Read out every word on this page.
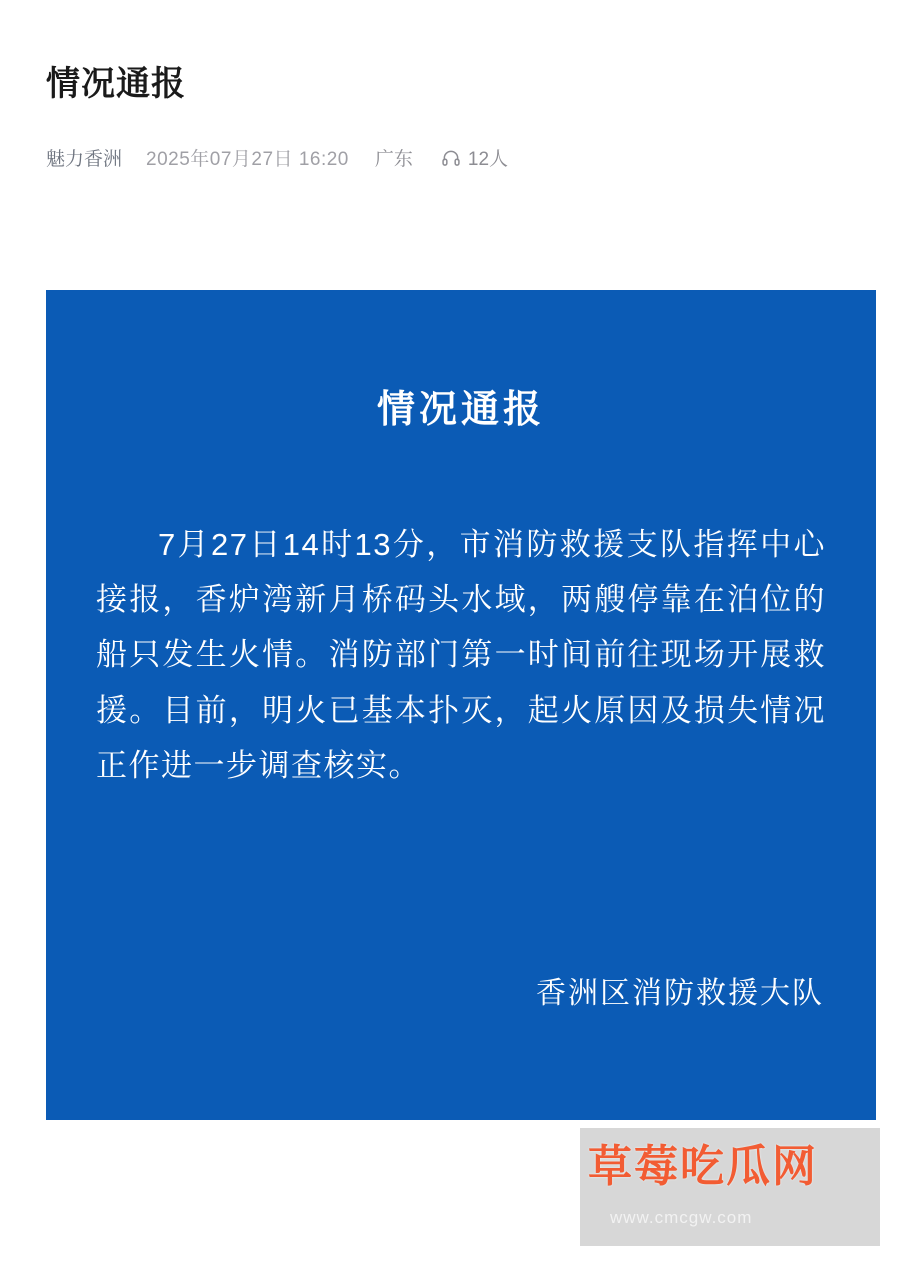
情况通报
魅力香洲 2025年07月27日 16:20 广东	12人
情况通报
7月27日14时13分，市消防救援支队指挥中心接报，香炉湾新月桥码头水域，两艘停靠在泊位的船只发生火情。消防部门第一时间前往现场开展救援。目前，明火已基本扑灭，起火原因及损失情况正作进一步调查核实。
香洲区消防救援大队
草莓吃瓜网
www.cmcgw.com
